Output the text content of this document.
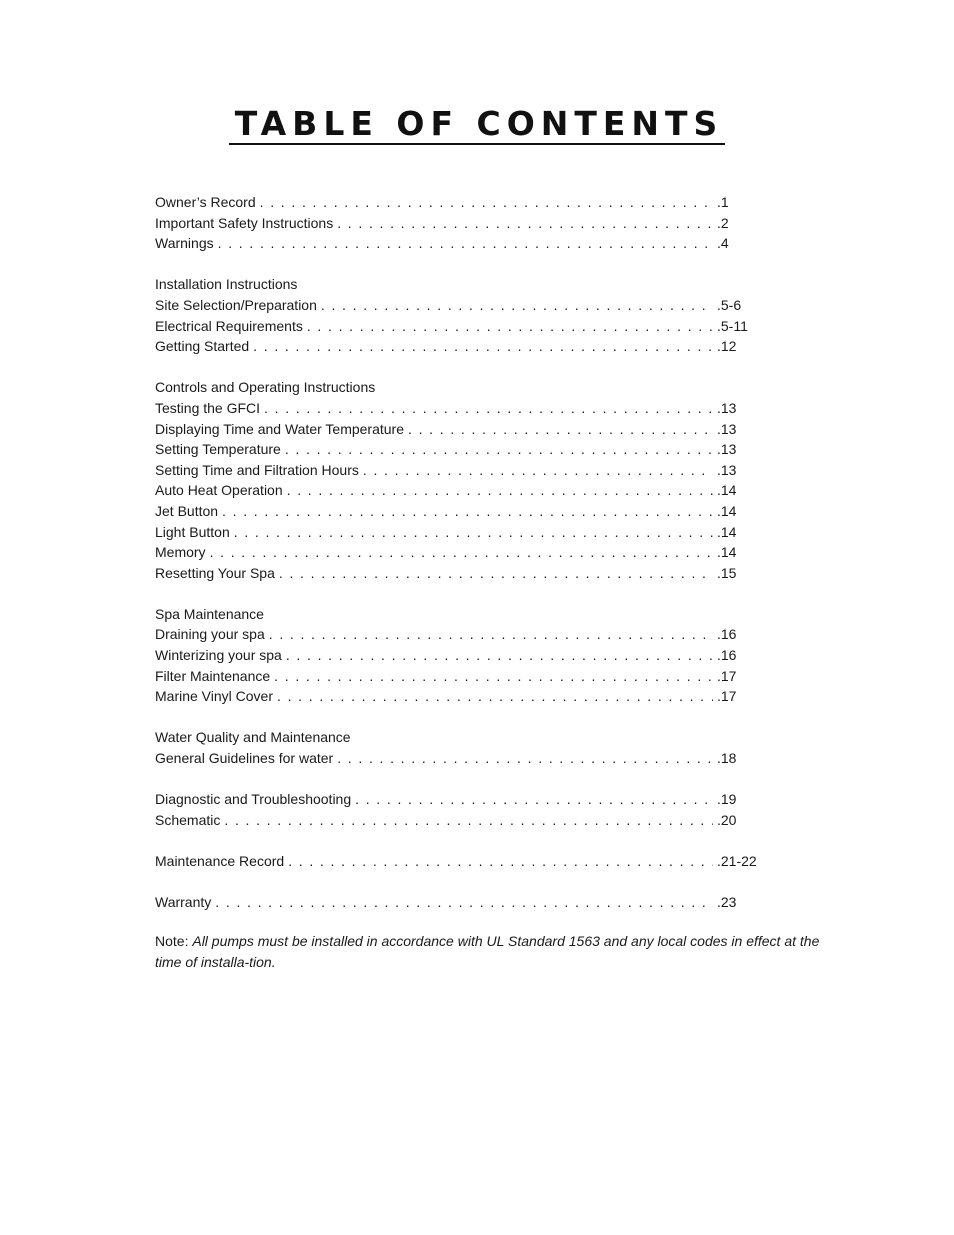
TABLE OF CONTENTS
Owner’s Record . . .	.1
Important Safety Instructions . . .	.2
Warnings . . .	.4
Installation Instructions
Site Selection/Preparation . . .	.5-6
Electrical Requirements . . .	.5-11
Getting Started . . .	.12
Controls and Operating Instructions
Testing the GFCI . . .	.13
Displaying Time and Water Temperature . . .	.13
Setting Temperature . . .	.13
Setting Time and Filtration Hours . . .	.13
Auto Heat Operation . . .	.14
Jet Button . . .	.14
Light Button . . .	.14
Memory . . .	.14
Resetting Your Spa . . .	.15
Spa Maintenance
Draining your spa . . .	.16
Winterizing your spa . . .	.16
Filter Maintenance . . .	.17
Marine Vinyl Cover . . .	.17
Water Quality and Maintenance
General Guidelines for water . . .	.18
Diagnostic and Troubleshooting . . .	.19
Schematic . . .	.20
Maintenance Record . . .	.21-22
Warranty . . .	.23
Note: All pumps must be installed in accordance with UL Standard 1563 and any local codes in effect at the time of installa-tion.
